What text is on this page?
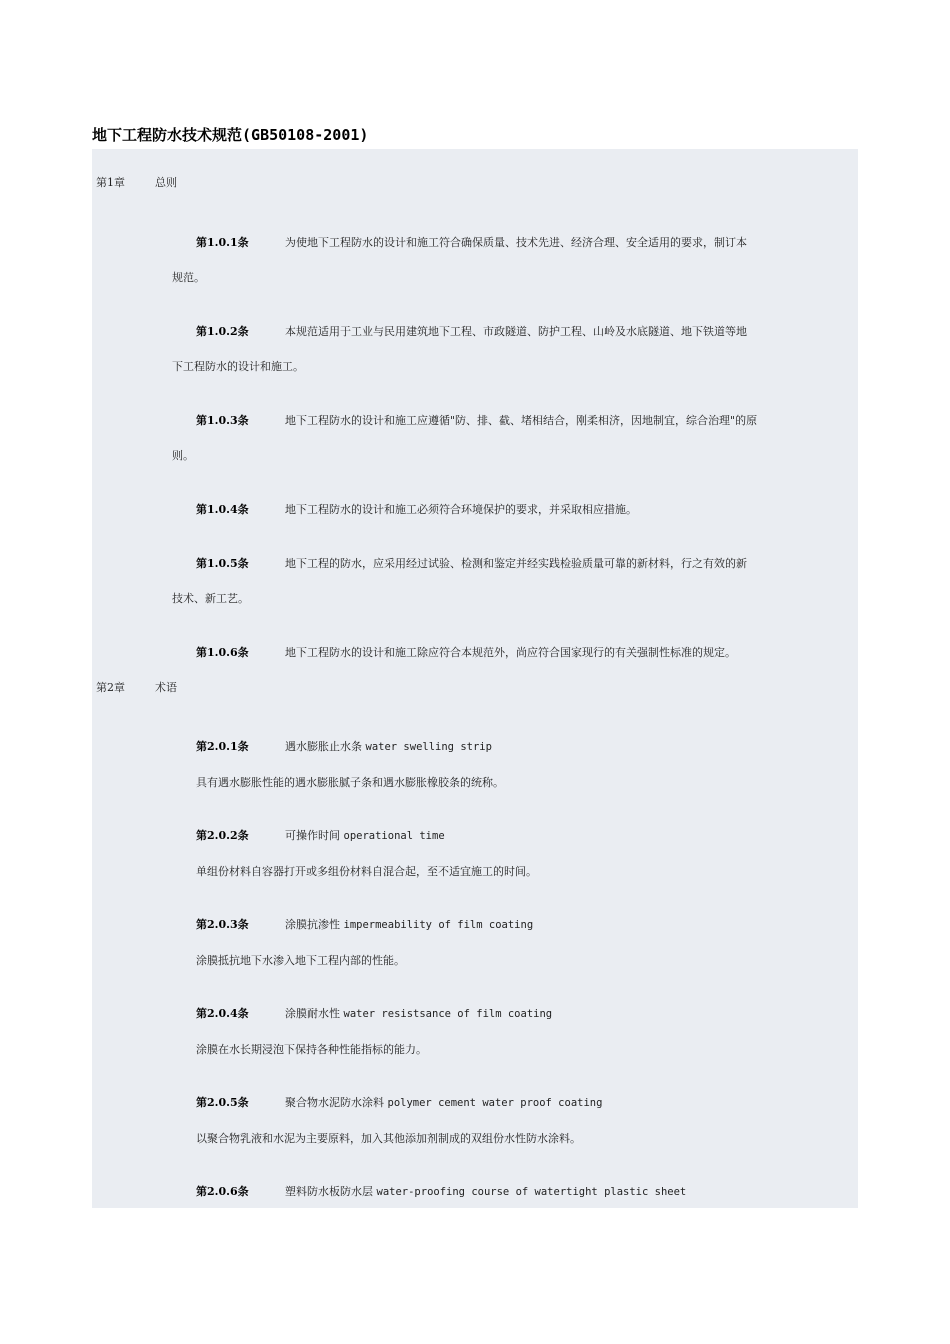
地下工程防水技术规范(GB50108-2001)
第1章	总则
第1.0.1条	为使地下工程防水的设计和施工符合确保质量、技术先进、经济合理、安全适用的要求，制订本
规范。
第1.0.2条	本规范适用于工业与民用建筑地下工程、市政隧道、防护工程、山岭及水底隧道、地下铁道等地
下工程防水的设计和施工。
第1.0.3条	地下工程防水的设计和施工应遵循"防、排、截、堵相结合，刚柔相济，因地制宜，综合治理"的原
则。
第1.0.4条	地下工程防水的设计和施工必须符合环境保护的要求，并采取相应措施。
第1.0.5条	地下工程的防水，应采用经过试验、检测和鉴定并经实践检验质量可靠的新材料，行之有效的新
技术、新工艺。
第1.0.6条	地下工程防水的设计和施工除应符合本规范外，尚应符合国家现行的有关强制性标准的规定。
第2章	术语
第2.0.1条	遇水膨胀止水条 water swelling strip
具有遇水膨胀性能的遇水膨胀腻子条和遇水膨胀橡胶条的统称。
第2.0.2条	可操作时间 operational time
单组份材料自容器打开或多组份材料自混合起，至不适宜施工的时间。
第2.0.3条	涂膜抗渗性 impermeability of film coating
涂膜抵抗地下水渗入地下工程内部的性能。
第2.0.4条	涂膜耐水性 water resistsance of film coating
涂膜在水长期浸泡下保持各种性能指标的能力。
第2.0.5条	聚合物水泥防水涂料 polymer cement water proof coating
以聚合物乳液和水泥为主要原料，加入其他添加剂制成的双组份水性防水涂料。
第2.0.6条	塑料防水板防水层 water-proofing course of watertight plastic sheet
